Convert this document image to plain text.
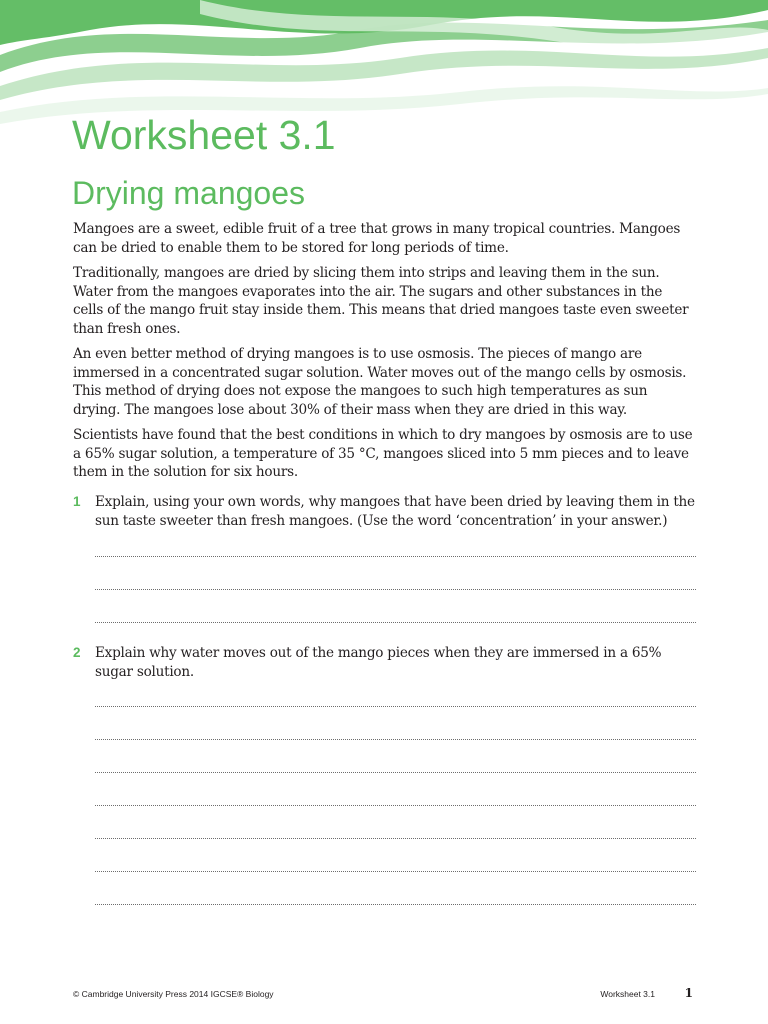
Worksheet 3.1
Drying mangoes

Mangoes are a sweet, edible fruit of a tree that grows in many tropical countries. Mangoes can be dried to enable them to be stored for long periods of time.

Traditionally, mangoes are dried by slicing them into strips and leaving them in the sun. Water from the mangoes evaporates into the air. The sugars and other substances in the cells of the mango fruit stay inside them. This means that dried mangoes taste even sweeter than fresh ones.

An even better method of drying mangoes is to use osmosis. The pieces of mango are immersed in a concentrated sugar solution. Water moves out of the mango cells by osmosis. This method of drying does not expose the mangoes to such high temperatures as sun drying. The mangoes lose about 30% of their mass when they are dried in this way.

Scientists have found that the best conditions in which to dry mangoes by osmosis are to use a 65% sugar solution, a temperature of 35 °C, mangoes sliced into 5 mm pieces and to leave them in the solution for six hours.

1 Explain, using your own words, why mangoes that have been dried by leaving them in the sun taste sweeter than fresh mangoes. (Use the word ‘concentration’ in your answer.)

2 Explain why water moves out of the mango pieces when they are immersed in a 65% sugar solution.

© Cambridge University Press 2014 IGCSE® Biology	Worksheet 3.1 1
